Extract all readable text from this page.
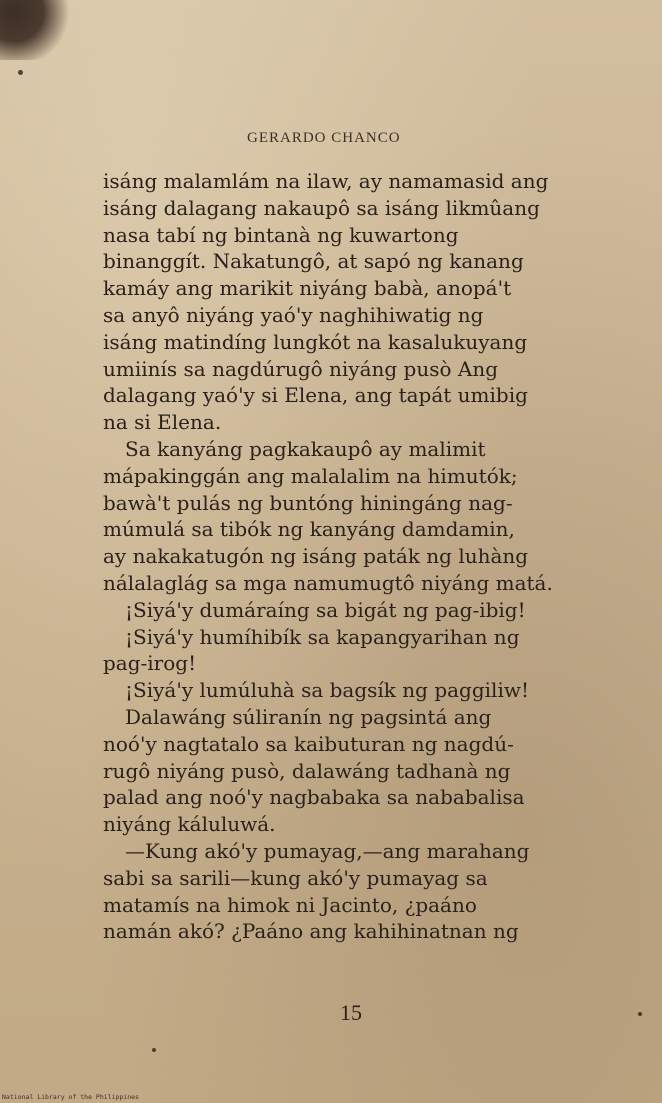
GERARDO CHANCO
isáng malamlám na ilaw, ay namamasid ang
isáng dalagang nakaupô sa isáng likmûang
nasa tabí ng bintanà ng kuwartong
binanggít. Nakatungô, at sapó ng kanang
kamáy ang marikit niyáng babà, anopá't
sa anyô niyáng yaó'y naghihiwatig ng
isáng matindíng lungkót na kasalukuyang
umiinís sa nagdúrugô niyáng pusò Ang
dalagang yaó'y si Elena, ang tapát umibig
na si Elena.
Sa kanyáng pagkakaupô ay malimit
mápakinggán ang malalalim na himutók;
bawà't pulás ng buntóng hiningáng nag-
múmulá sa tibók ng kanyáng damdamin,
ay nakakatugón ng isáng paták ng luhàng
nálalaglág sa mga namumugtô niyáng matá.
¡Siyá'y dumáraíng sa bigát ng pag-ibig!
¡Siyá'y humíhibík sa kapangyarihan ng
pag-irog!
¡Siyá'y lumúluhà sa bagsík ng paggiliw!
Dalawáng súliranín ng pagsintá ang
noó'y nagtatalo sa kaibuturan ng nagdú-
rugô niyáng pusò, dalawáng tadhanà ng
palad ang noó'y nagbabaka sa nababalisa
niyáng káluluwá.
—Kung akó'y pumayag,—ang marahang
sabi sa sarili—kung akó'y pumayag sa
matamís na himok ni Jacinto, ¿paáno
namán akó? ¿Paáno ang kahihinatnan ng
15
National Library of the Philippines
